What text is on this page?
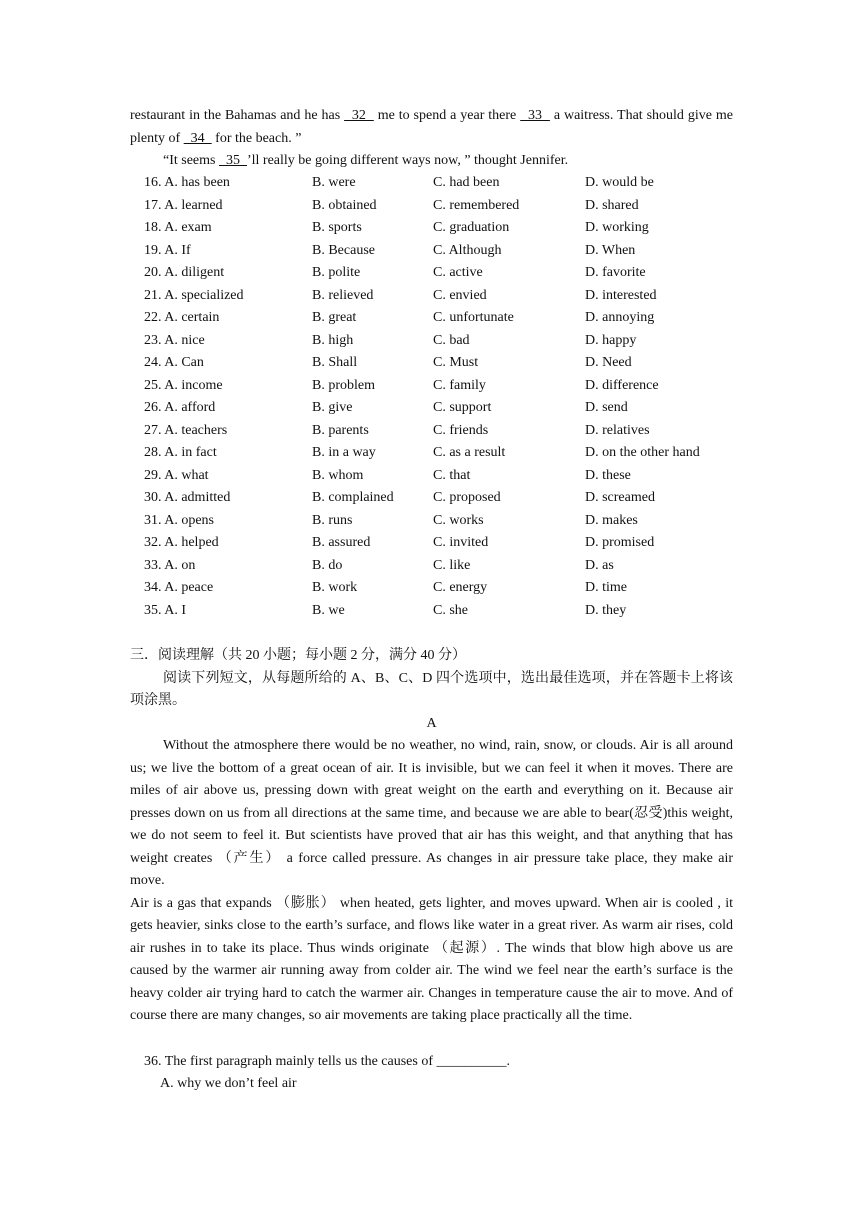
restaurant in the Bahamas and he has   32   me to spend a year there   33   a waitress. That should give me plenty of   34   for the beach. ”
“It seems   35  ’ll really be going different ways now, ” thought Jennifer.
16. A. has been	B. were	C. had been	D. would be
17. A. learned	B. obtained	C. remembered	D. shared
18. A. exam	B. sports	C. graduation	D. working
19. A. If	B. Because	C. Although	D. When
20. A. diligent	B. polite	C. active	D. favorite
21. A. specialized	B. relieved	C. envied	D. interested
22. A. certain	B. great	C. unfortunate	D. annoying
23. A. nice	B. high	C. bad	D. happy
24. A. Can	B. Shall	C. Must	D. Need
25. A. income	B. problem	C. family	D. difference
26. A. afford	B. give	C. support	D. send
27. A. teachers	B. parents	C. friends	D. relatives
28. A. in fact	B. in a way	C. as a result	D. on the other hand
29. A. what	B. whom	C. that	D. these
30. A. admitted	B. complained	C. proposed	D. screamed
31. A. opens	B. runs	C. works	D. makes
32. A. helped	B. assured	C. invited	D. promised
33. A. on	B. do	C. like	D. as
34. A. peace	B. work	C. energy	D. time
35. A. I	B. we	C. she	D. they
三．阅读理解（共 20 小题；每小题 2 分，满分 40 分）
阅读下列短文，从每题所给的 A、B、C、D 四个选项中，选出最佳选项，并在答题卡上将该项涂黑。
A
Without the atmosphere there would be no weather, no wind, rain, snow, or clouds. Air is all around us; we live the bottom of a great ocean of air. It is invisible, but we can feel it when it moves. There are miles of air above us, pressing down with great weight on the earth and everything on it. Because air presses down on us from all directions at the same time, and because we are able to bear(忍受)this weight, we do not seem to feel it. But scientists have proved that air has this weight, and that anything that has weight creates （产生） a force called pressure. As changes in air pressure take place, they make air move.
Air is a gas that expands （膨胀） when heated, gets lighter, and moves upward. When air is cooled , it gets heavier, sinks close to the earth’s surface, and flows like water in a great river. As warm air rises, cold air rushes in to take its place. Thus winds originate （起源）. The winds that blow high above us are caused by the warmer air running away from colder air. The wind we feel near the earth’s surface is the heavy colder air trying hard to catch the warmer air. Changes in temperature cause the air to move. And of course there are many changes, so air movements are taking place practically all the time.
36. The first paragraph mainly tells us the causes of __________.
A. why we don’t feel air
